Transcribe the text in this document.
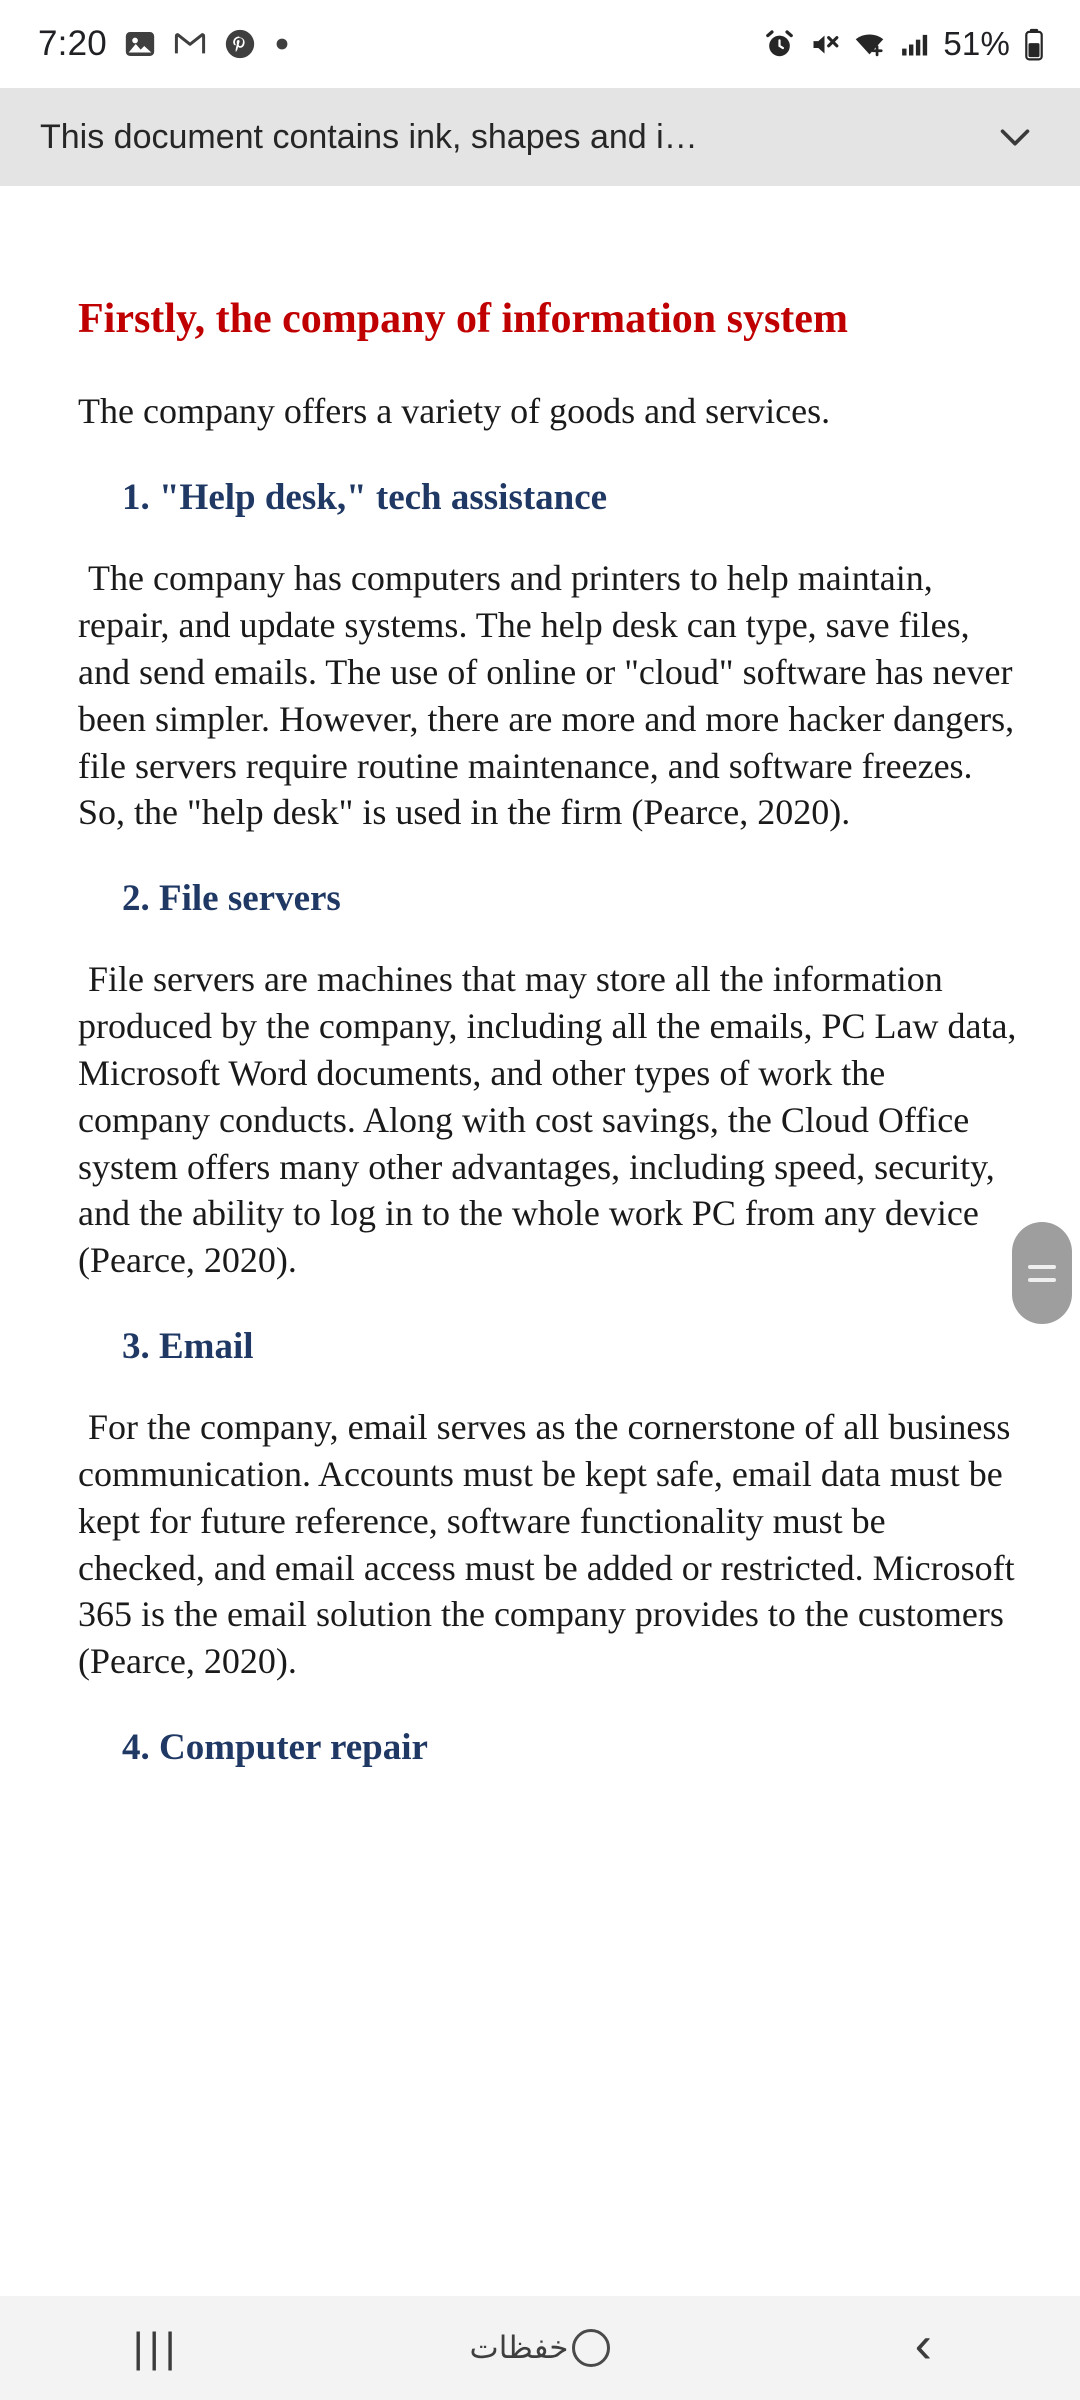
7:20	51%
This document contains ink, shapes and i…
Firstly, the company of information system

The company offers a variety of goods and services.

1. "Help desk," tech assistance

The company has computers and printers to help maintain, repair, and update systems. The help desk can type, save files, and send emails. The use of online or "cloud" software has never been simpler. However, there are more and more hacker dangers, file servers require routine maintenance, and software freezes. So, the "help desk" is used in the firm (Pearce, 2020).

2. File servers

File servers are machines that may store all the information produced by the company, including all the emails, PC Law data, Microsoft Word documents, and other types of work the company conducts. Along with cost savings, the Cloud Office system offers many other advantages, including speed, security, and the ability to log in to the whole work PC from any device (Pearce, 2020).

3. Email

For the company, email serves as the cornerstone of all business communication. Accounts must be kept safe, email data must be kept for future reference, software functionality must be checked, and email access must be added or restricted. Microsoft 365 is the email solution the company provides to the customers (Pearce, 2020).

4. Computer repair

|||	خفظات	‹
